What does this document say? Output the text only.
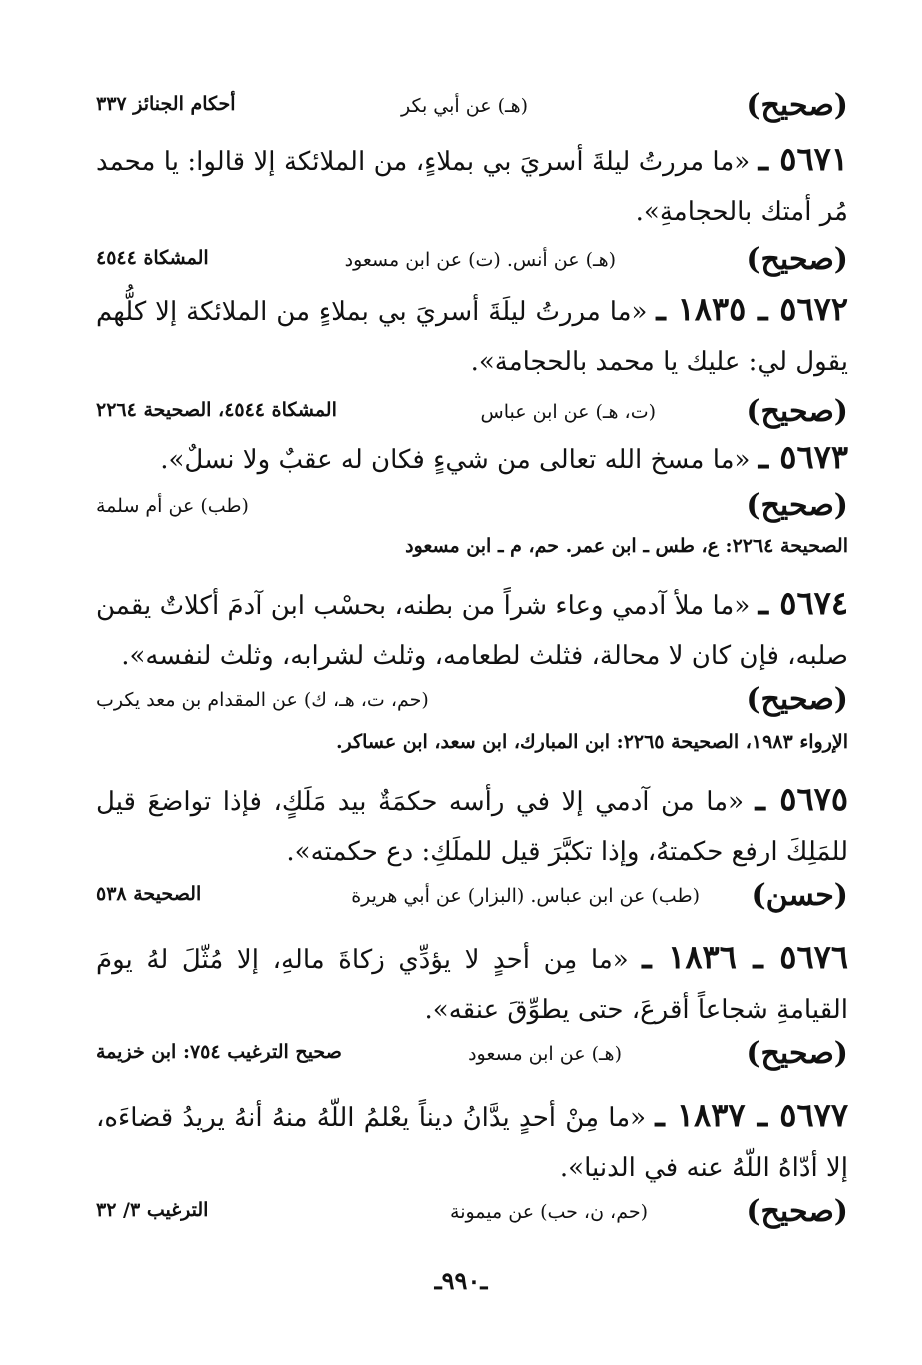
(صحيح)
(هـ) عن أبي بكر
أحكام الجنائز ٣٣٧
٥٦٧١ ـ «ما مررتُ ليلةَ أسريَ بي بملاءٍ، من الملائكة إلا قالوا: يا محمد مُر أمتك بالحجامةِ».
(صحيح)
(هـ) عن أنس. (ت) عن ابن مسعود
المشكاة ٤٥٤٤
٥٦٧٢ ـ ١٨٣٥ ـ «ما مررتُ ليلَةَ أسريَ بي بملاءٍ من الملائكة إلا كلُّهم يقول لي: عليك يا محمد بالحجامة».
(صحيح)
(ت، هـ) عن ابن عباس
المشكاة ٤٥٤٤، الصحيحة ٢٢٦٤
٥٦٧٣ ـ «ما مسخ الله تعالى من شيءٍ فكان له عقبٌ ولا نسلٌ».
(صحيح)
(طب) عن أم سلمة
الصحيحة ٢٢٦٤: ع، طس ـ ابن عمر. حم، م ـ ابن مسعود
٥٦٧٤ ـ «ما ملأ آدمي وعاء شراً من بطنه، بحسْب ابن آدمَ أكلاتٌ يقمن صلبه، فإن كان لا محالة، فثلث لطعامه، وثلث لشرابه، وثلث لنفسه».
(صحيح)
(حم، ت، هـ، ك) عن المقدام بن معد يكرب
الإرواء ١٩٨٣، الصحيحة ٢٢٦٥: ابن المبارك، ابن سعد، ابن عساكر.
٥٦٧٥ ـ «ما من آدمي إلا في رأسه حكمَةٌ بيد مَلَكٍ، فإذا تواضعَ قيل للمَلِكَ ارفع حكمتهُ، وإذا تكبَّرَ قيل للملَكِ: دع حكمته».
(حسن)
(طب) عن ابن عباس. (البزار) عن أبي هريرة
الصحيحة ٥٣٨
٥٦٧٦ ـ ١٨٣٦ ـ «ما مِن أحدٍ لا يؤدِّي زكاةَ مالهِ، إلا مُثّلَ لهُ يومَ القيامةِ شجاعاً أقرعَ، حتى يطوِّقَ عنقه».
(صحيح)
(هـ) عن ابن مسعود
صحيح الترغيب ٧٥٤: ابن خزيمة
٥٦٧٧ ـ ١٨٣٧ ـ «ما مِنْ أحدٍ يدَّانُ ديناً يعْلمُ اللّهُ منهُ أنهُ يريدُ قضاءَه، إلا أدّاهُ اللّهُ عنه في الدنيا».
(صحيح)
(حم، ن، حب) عن ميمونة
الترغيب ٣/ ٣٢
ـ٩٩٠ـ
